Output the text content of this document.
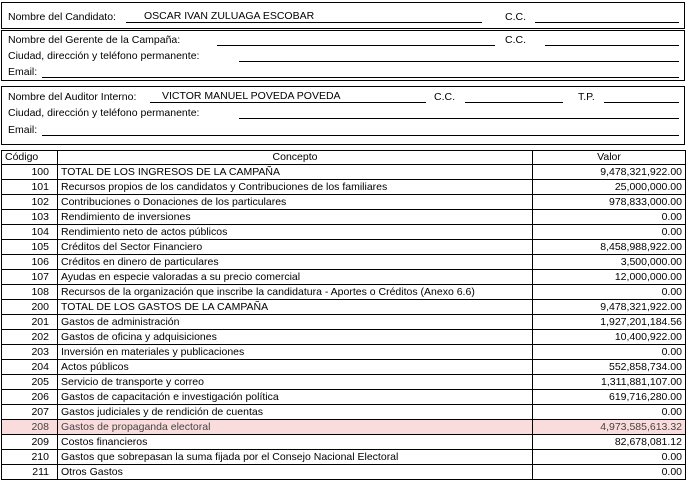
Nombre del Candidato:	OSCAR IVAN ZULUAGA ESCOBAR	C.C.
Nombre del Gerente de la Campaña:	C.C.
Ciudad, dirección y teléfono permanente:
Email:
Nombre del Auditor Interno: VICTOR MANUEL POVEDA POVEDA	C.C.	T.P.
Ciudad, dirección y teléfono permanente:
Email:
Código	Concepto	Valor
100	TOTAL DE LOS INGRESOS DE LA CAMPAÑA	9,478,321,922.00
101	Recursos propios de los candidatos y Contribuciones de los familiares	25,000,000.00
102	Contribuciones o Donaciones de los particulares	978,833,000.00
103	Rendimiento de inversiones	0.00
104	Rendimiento neto de actos públicos	0.00
105	Créditos del Sector Financiero	8,458,988,922.00
106	Créditos en dinero de particulares	3,500,000.00
107	Ayudas en especie valoradas a su precio comercial	12,000,000.00
108	Recursos de la organización que inscribe la candidatura - Aportes o Créditos (Anexo 6.6)	0.00
200	TOTAL DE LOS GASTOS DE LA CAMPAÑA	9,478,321,922.00
201	Gastos de administración	1,927,201,184.56
202	Gastos de oficina y adquisiciones	10,400,922.00
203	Inversión en materiales y publicaciones	0.00
204	Actos públicos	552,858,734.00
205	Servicio de transporte y correo	1,311,881,107.00
206	Gastos de capacitación e investigación política	619,716,280.00
207	Gastos judiciales y de rendición de cuentas	0.00
208	Gastos de propaganda electoral	4,973,585,613.32
209	Costos financieros	82,678,081.12
210	Gastos que sobrepasan la suma fijada por el Consejo Nacional Electoral	0.00
211	Otros Gastos	0.00
